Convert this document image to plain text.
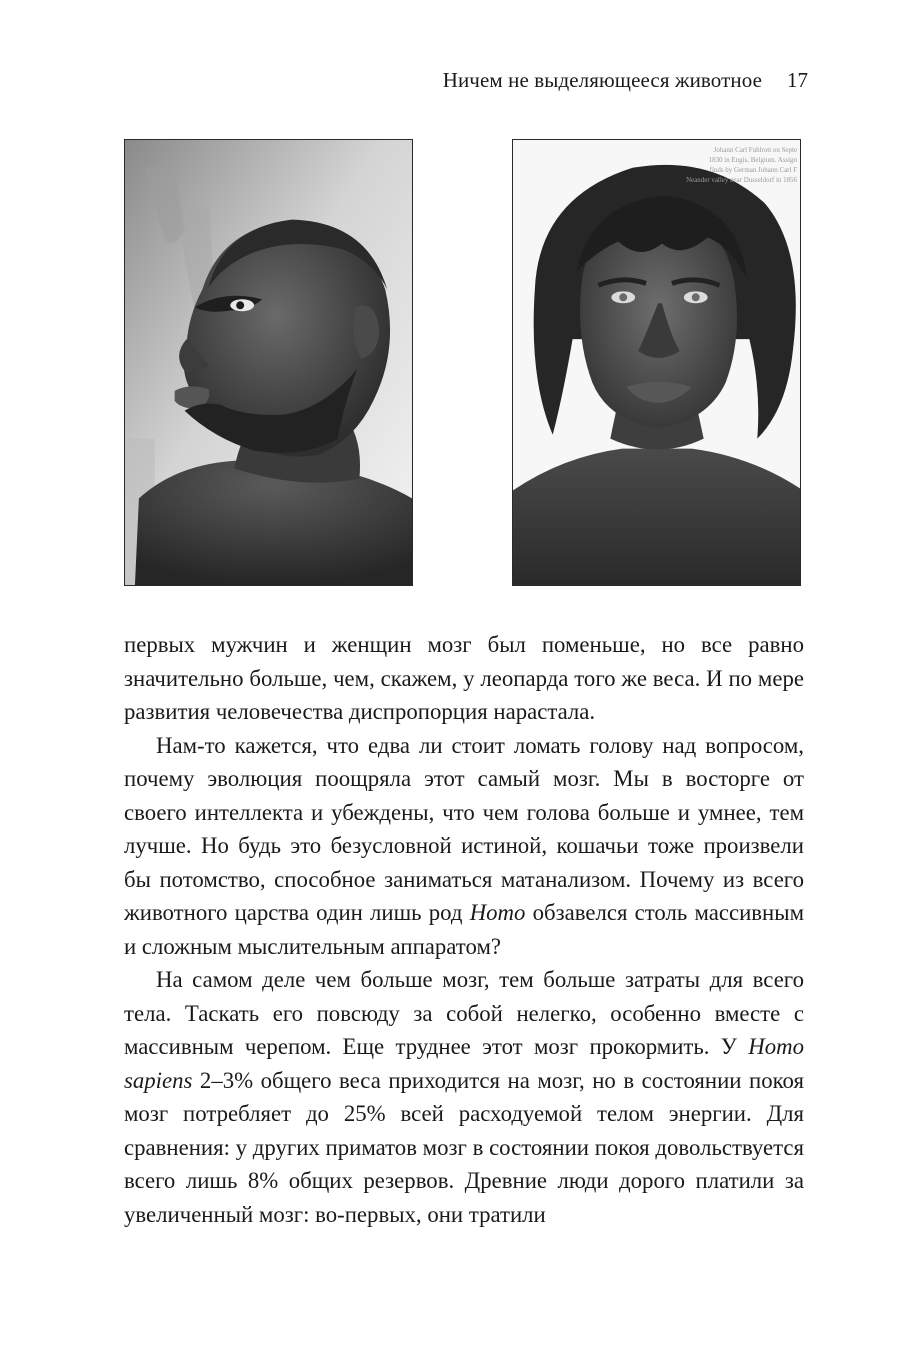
Ничем не выделяющееся животное 17
Johann Carl Fuhlrott on Septe
1830 in Engis, Belgium. Assign
finds by German Johann Carl F
Neander valley near Dusseldorf in 1856

первых мужчин и женщин мозг был поменьше, но все равно значительно больше, чем, скажем, у леопарда того же веса. И по мере развития человечества диспропорция нарастала.

Нам-то кажется, что едва ли стоит ломать голову над вопросом, почему эволюция поощряла этот самый мозг. Мы в восторге от своего интеллекта и убеждены, что чем голова больше и умнее, тем лучше. Но будь это безусловной истиной, кошачьи тоже произвели бы потомство, способное заниматься матанализом. Почему из всего животного царства один лишь род Homo обзавелся столь массивным и сложным мыслительным аппаратом?

На самом деле чем больше мозг, тем больше затраты для всего тела. Таскать его повсюду за собой нелегко, особенно вместе с массивным черепом. Еще труднее этот мозг прокормить. У Homo sapiens 2–3% общего веса приходится на мозг, но в состоянии покоя мозг потребляет до 25% всей расходуемой телом энергии. Для сравнения: у других приматов мозг в состоянии покоя довольствуется всего лишь 8% общих резервов. Древние люди дорого платили за увеличенный мозг: во-первых, они тратили
